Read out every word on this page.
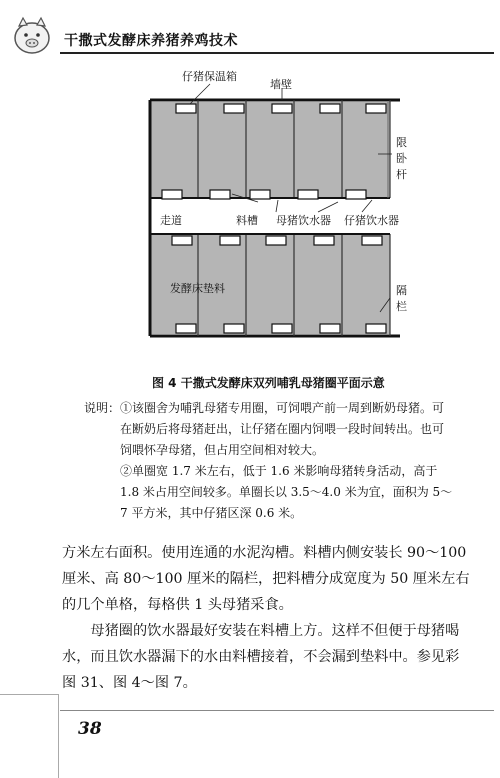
干撒式发酵床养猪养鸡技术
仔猪保温箱
墙壁
限
卧
杆
走道	料槽 母猪饮水器 仔猪饮水器
发酵床垫料	隔
栏
图 4 干撒式发酵床双列哺乳母猪圈平面示意
说明： ①该圈舍为哺乳母猪专用圈，可饲喂产前一周到断奶母猪。可

在断奶后将母猪赶出，让仔猪在圈内饲喂一段时间转出。也可

饲喂怀孕母猪，但占用空间相对较大。

②单圈宽 1.7 米左右，低于 1.6 米影响母猪转身活动，高于

1.8 米占用空间较多。单圈长以 3.5～4.0 米为宜，面积为 5～

7 平方米，其中仔猪区深 0.6 米。

方米左右面积。使用连通的水泥沟槽。料槽内侧安装长 90～100

厘米、高 80～100 厘米的隔栏，把料槽分成宽度为 50 厘米左右

的几个单格，每格供 1 头母猪采食。

母猪圈的饮水器最好安装在料槽上方。这样不但便于母猪喝

水，而且饮水器漏下的水由料槽接着，不会漏到垫料中。参见彩

图 31、图 4～图 7。

38
